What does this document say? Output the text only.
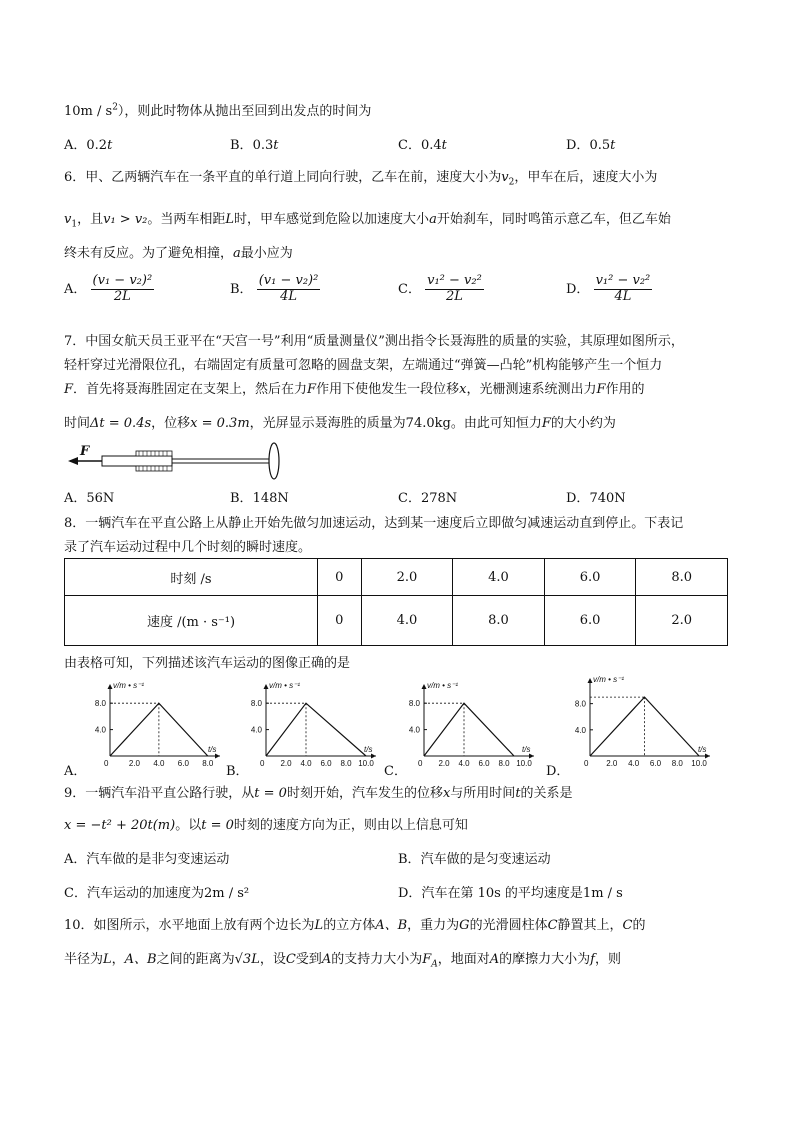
$10m / s^2$），则此时物体从抛出至回到出发点的时间为
A．0.2t	B．0.3t	C．0.4t	D．0.5t
6．甲、乙两辆汽车在一条平直的单行道上同向行驶，乙车在前，速度大小为$v_2$，甲车在后，速度大小为
$v_1$，且v₁ > v₂。当两车相距L时，甲车感觉到危险以加速度大小a开始刹车，同时鸣笛示意乙车，但乙车始
终未有反应。为了避免相撞，a最小应为
A． $\frac{\text{(v₁ − v₂)²}}{2L}$	B． $\frac{\text{(v₁ − v₂)²}}{4L}$	C． $\frac{\text{v₁² − v₂²}}{2L}$	D． $\frac{\text{v₁² − v₂²}}{4L}$
7．中国女航天员王亚平在“天宫一号”利用“质量测量仪”测出指令长聂海胜的质量的实验，其原理如图所示，
轻杆穿过光滑限位孔，右端固定有质量可忽略的圆盘支架，左端通过“弹簧—凸轮”机构能够产生一个恒力
F．首先将聂海胜固定在支架上，然后在力F作用下使他发生一段位移x，光栅测速系统测出力F作用的
时间Δt = 0.4s，位移x = 0.3m，光屏显示聂海胜的质量为74.0kg。由此可知恒力F的大小约为
F
A．56N	B．148N	C．278N	D．740N
8．一辆汽车在平直公路上从静止开始先做匀加速运动，达到某一速度后立即做匀减速运动直到停止。下表记
录了汽车运动过程中几个时刻的瞬时速度。
时刻 /s	0	2.0	4.0	6.0	8.0
速度 /(m · s⁻¹)	0	4.0	8.0	6.0	2.0
由表格可知，下列描述该汽车运动的图像正确的是
A．	B．	C．	D．
v/m • s⁻¹
t/s
0	2.0 4.0 6.0 8.0
4.0
8.0
v/m • s⁻¹
t/s
0 2.0 4.0 6.0 8.0 10.0
4.0
8.0
v/m • s⁻¹
t/s
0 2.0 4.0 6.0 8.0 10.0
4.0
8.0
v/m • s⁻¹
t/s
0 2.0 4.0 6.0 8.0 10.0
4.0
8.0
9．一辆汽车沿平直公路行驶，从t = 0时刻开始，汽车发生的位移x与所用时间t的关系是
x = −t² + 20t(m)。以t = 0时刻的速度方向为正，则由以上信息可知
A．汽车做的是非匀变速运动	B．汽车做的是匀变速运动
C．汽车运动的加速度为2m / s²	D．汽车在第 10s 的平均速度是1m / s
10．如图所示，水平地面上放有两个边长为L的立方体A、B，重力为G的光滑圆柱体C静置其上，C的
半径为L，A、B之间的距离为√3L，设C受到A的支持力大小为$F_A$，地面对A的摩擦力大小为f，则
